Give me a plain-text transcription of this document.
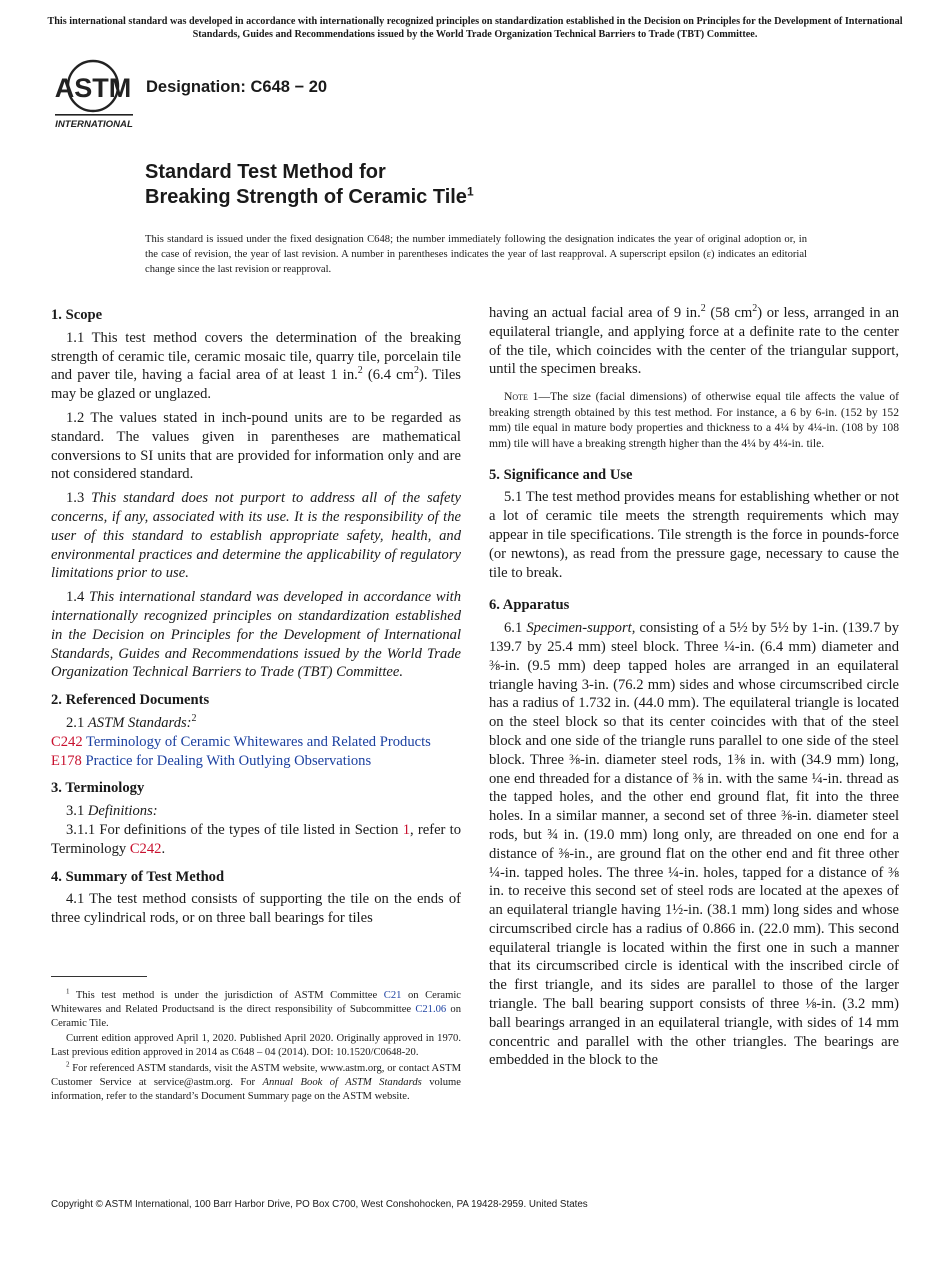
This international standard was developed in accordance with internationally recognized principles on standardization established in the Decision on Principles for the Development of International Standards, Guides and Recommendations issued by the World Trade Organization Technical Barriers to Trade (TBT) Committee.
ASTM
INTERNATIONAL
Designation: C648 − 20
Standard Test Method for
Breaking Strength of Ceramic Tile$^1$
This standard is issued under the fixed designation C648; the number immediately following the designation indicates the year of original adoption or, in the case of revision, the year of last revision. A number in parentheses indicates the year of last reapproval. A superscript epsilon (ε) indicates an editorial change since the last revision or reapproval.
1. Scope

1.1 This test method covers the determination of the breaking strength of ceramic tile, ceramic mosaic tile, quarry tile, porcelain tile and paver tile, having a facial area of at least 1 in.$^2$ (6.4 $cm^2$). Tiles may be glazed or unglazed.

1.2 The values stated in inch-pound units are to be regarded as standard. The values given in parentheses are mathematical conversions to SI units that are provided for information only and are not considered standard.

1.3 This standard does not purport to address all of the safety concerns, if any, associated with its use. It is the responsibility of the user of this standard to establish appropriate safety, health, and environmental practices and determine the applicability of regulatory limitations prior to use.

1.4 This international standard was developed in accordance with internationally recognized principles on standardization established in the Decision on Principles for the Development of International Standards, Guides and Recommendations issued by the World Trade Organization Technical Barriers to Trade (TBT) Committee.

2. Referenced Documents

2.1 ASTM Standards:$^2$

C242 Terminology of Ceramic Whitewares and Related Products

E178 Practice for Dealing With Outlying Observations

3. Terminology

3.1 Definitions:

3.1.1 For definitions of the types of tile listed in Section 1, refer to Terminology C242.

4. Summary of Test Method

4.1 The test method consists of supporting the tile on the ends of three cylindrical rods, or on three ball bearings for tiles

$^1$ This test method is under the jurisdiction of ASTM Committee C21 on Ceramic Whitewares and Related Productsand is the direct responsibility of Subcommittee C21.06 on Ceramic Tile.

Current edition approved April 1, 2020. Published April 2020. Originally approved in 1970. Last previous edition approved in 2014 as C648 – 04 (2014). DOI: 10.1520/C0648-20.

$^2$ For referenced ASTM standards, visit the ASTM website, www.astm.org, or contact ASTM Customer Service at service@astm.org. For Annual Book of ASTM Standards volume information, refer to the standard’s Document Summary page on the ASTM website.

having an actual facial area of 9 in.$^2$ (58 $cm^2$) or less, arranged in an equilateral triangle, and applying force at a definite rate to the center of the tile, which coincides with the center of the triangular support, until the specimen breaks.

Note 1—The size (facial dimensions) of otherwise equal tile affects the value of breaking strength obtained by this test method. For instance, a 6 by 6-in. (152 by 152 mm) tile equal in mature body properties and thickness to a 4¼ by 4¼-in. (108 by 108 mm) tile will have a breaking strength higher than the 4¼ by 4¼-in. tile.

5. Significance and Use

5.1 The test method provides means for establishing whether or not a lot of ceramic tile meets the strength requirements which may appear in tile specifications. Tile strength is the force in pounds-force (or newtons), as read from the pressure gage, necessary to cause the tile to break.

6. Apparatus

6.1 Specimen-support, consisting of a 5½ by 5½ by 1-in. (139.7 by 139.7 by 25.4 mm) steel block. Three ¼-in. (6.4 mm) diameter and ⅜-in. (9.5 mm) deep tapped holes are arranged in an equilateral triangle having 3-in. (76.2 mm) sides and whose circumscribed circle has a radius of 1.732 in. (44.0 mm). The equilateral triangle is located on the steel block so that its center coincides with that of the steel block and one side of the triangle runs parallel to one side of the steel block. Three ⅜-in. diameter steel rods, 1⅜ in. with (34.9 mm) long, one end threaded for a distance of ⅜ in. with the same ¼-in. thread as the tapped holes, and the other end ground flat, fit into the three holes. In a similar manner, a second set of three ⅜-in. diameter steel rods, but ¾ in. (19.0 mm) long only, are threaded on one end for a distance of ⅜-in., are ground flat on the other end and fit three other ¼-in. tapped holes. The three ¼-in. holes, tapped for a distance of ⅜ in. to receive this second set of steel rods are located at the apexes of an equilateral triangle having 1½-in. (38.1 mm) long sides and whose circumscribed circle has a radius of 0.866 in. (22.0 mm). This second equilateral triangle is located within the first one in such a manner that its circumscribed circle is identical with the inscribed circle of the first triangle, and its sides are parallel to those of the larger triangle. The ball bearing support consists of three ⅛-in. (3.2 mm) ball bearings arranged in an equilateral triangle, with sides of 14 mm concentric and parallel with the other triangles. The bearings are embedded in the block to the

Copyright © ASTM International, 100 Barr Harbor Drive, PO Box C700, West Conshohocken, PA 19428-2959. United States
